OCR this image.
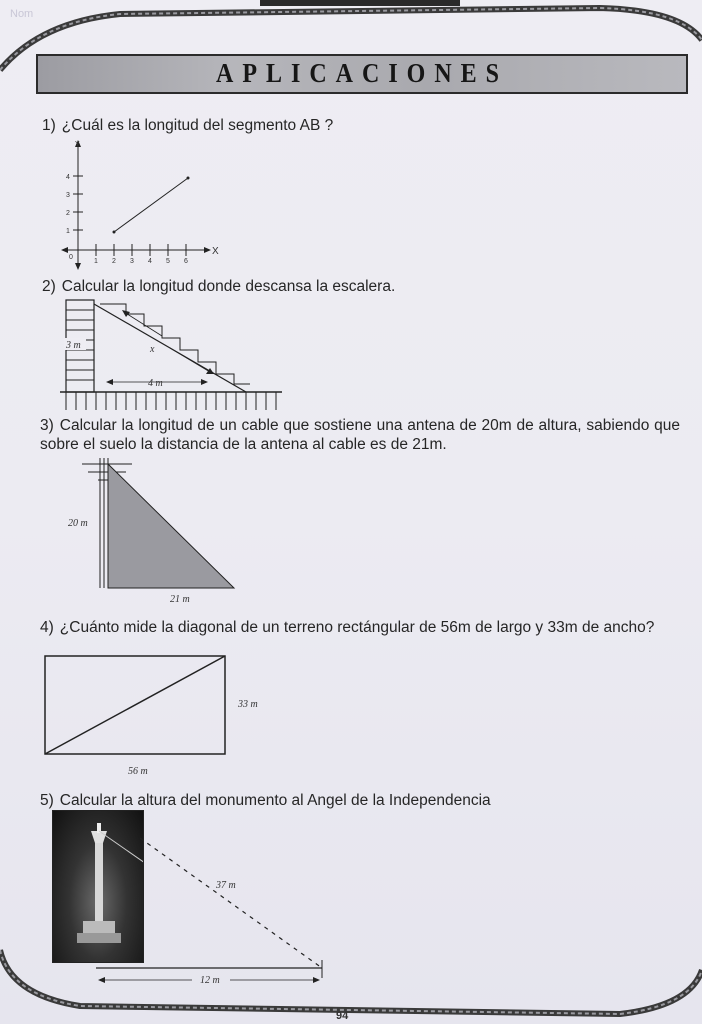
Nom
APLICACIONES
1) ¿Cuál es la longitud del segmento AB ?
Y
X
0
1 2 3 4 5 6
1
2
3
4
2) Calcular la longitud donde descansa la escalera.
3 m	x
4 m
3) Calcular la longitud de un cable que sostiene una antena de 20m de altura, sabiendo que sobre el suelo la distancia de la antena al cable es de 21m.
20 m
21 m
4) ¿Cuánto mide la diagonal de un terreno rectángular de 56m de largo y 33m de ancho?
33 m
56 m
5) Calcular la altura del monumento al Angel de la Independencia
37 m
12 m
94
